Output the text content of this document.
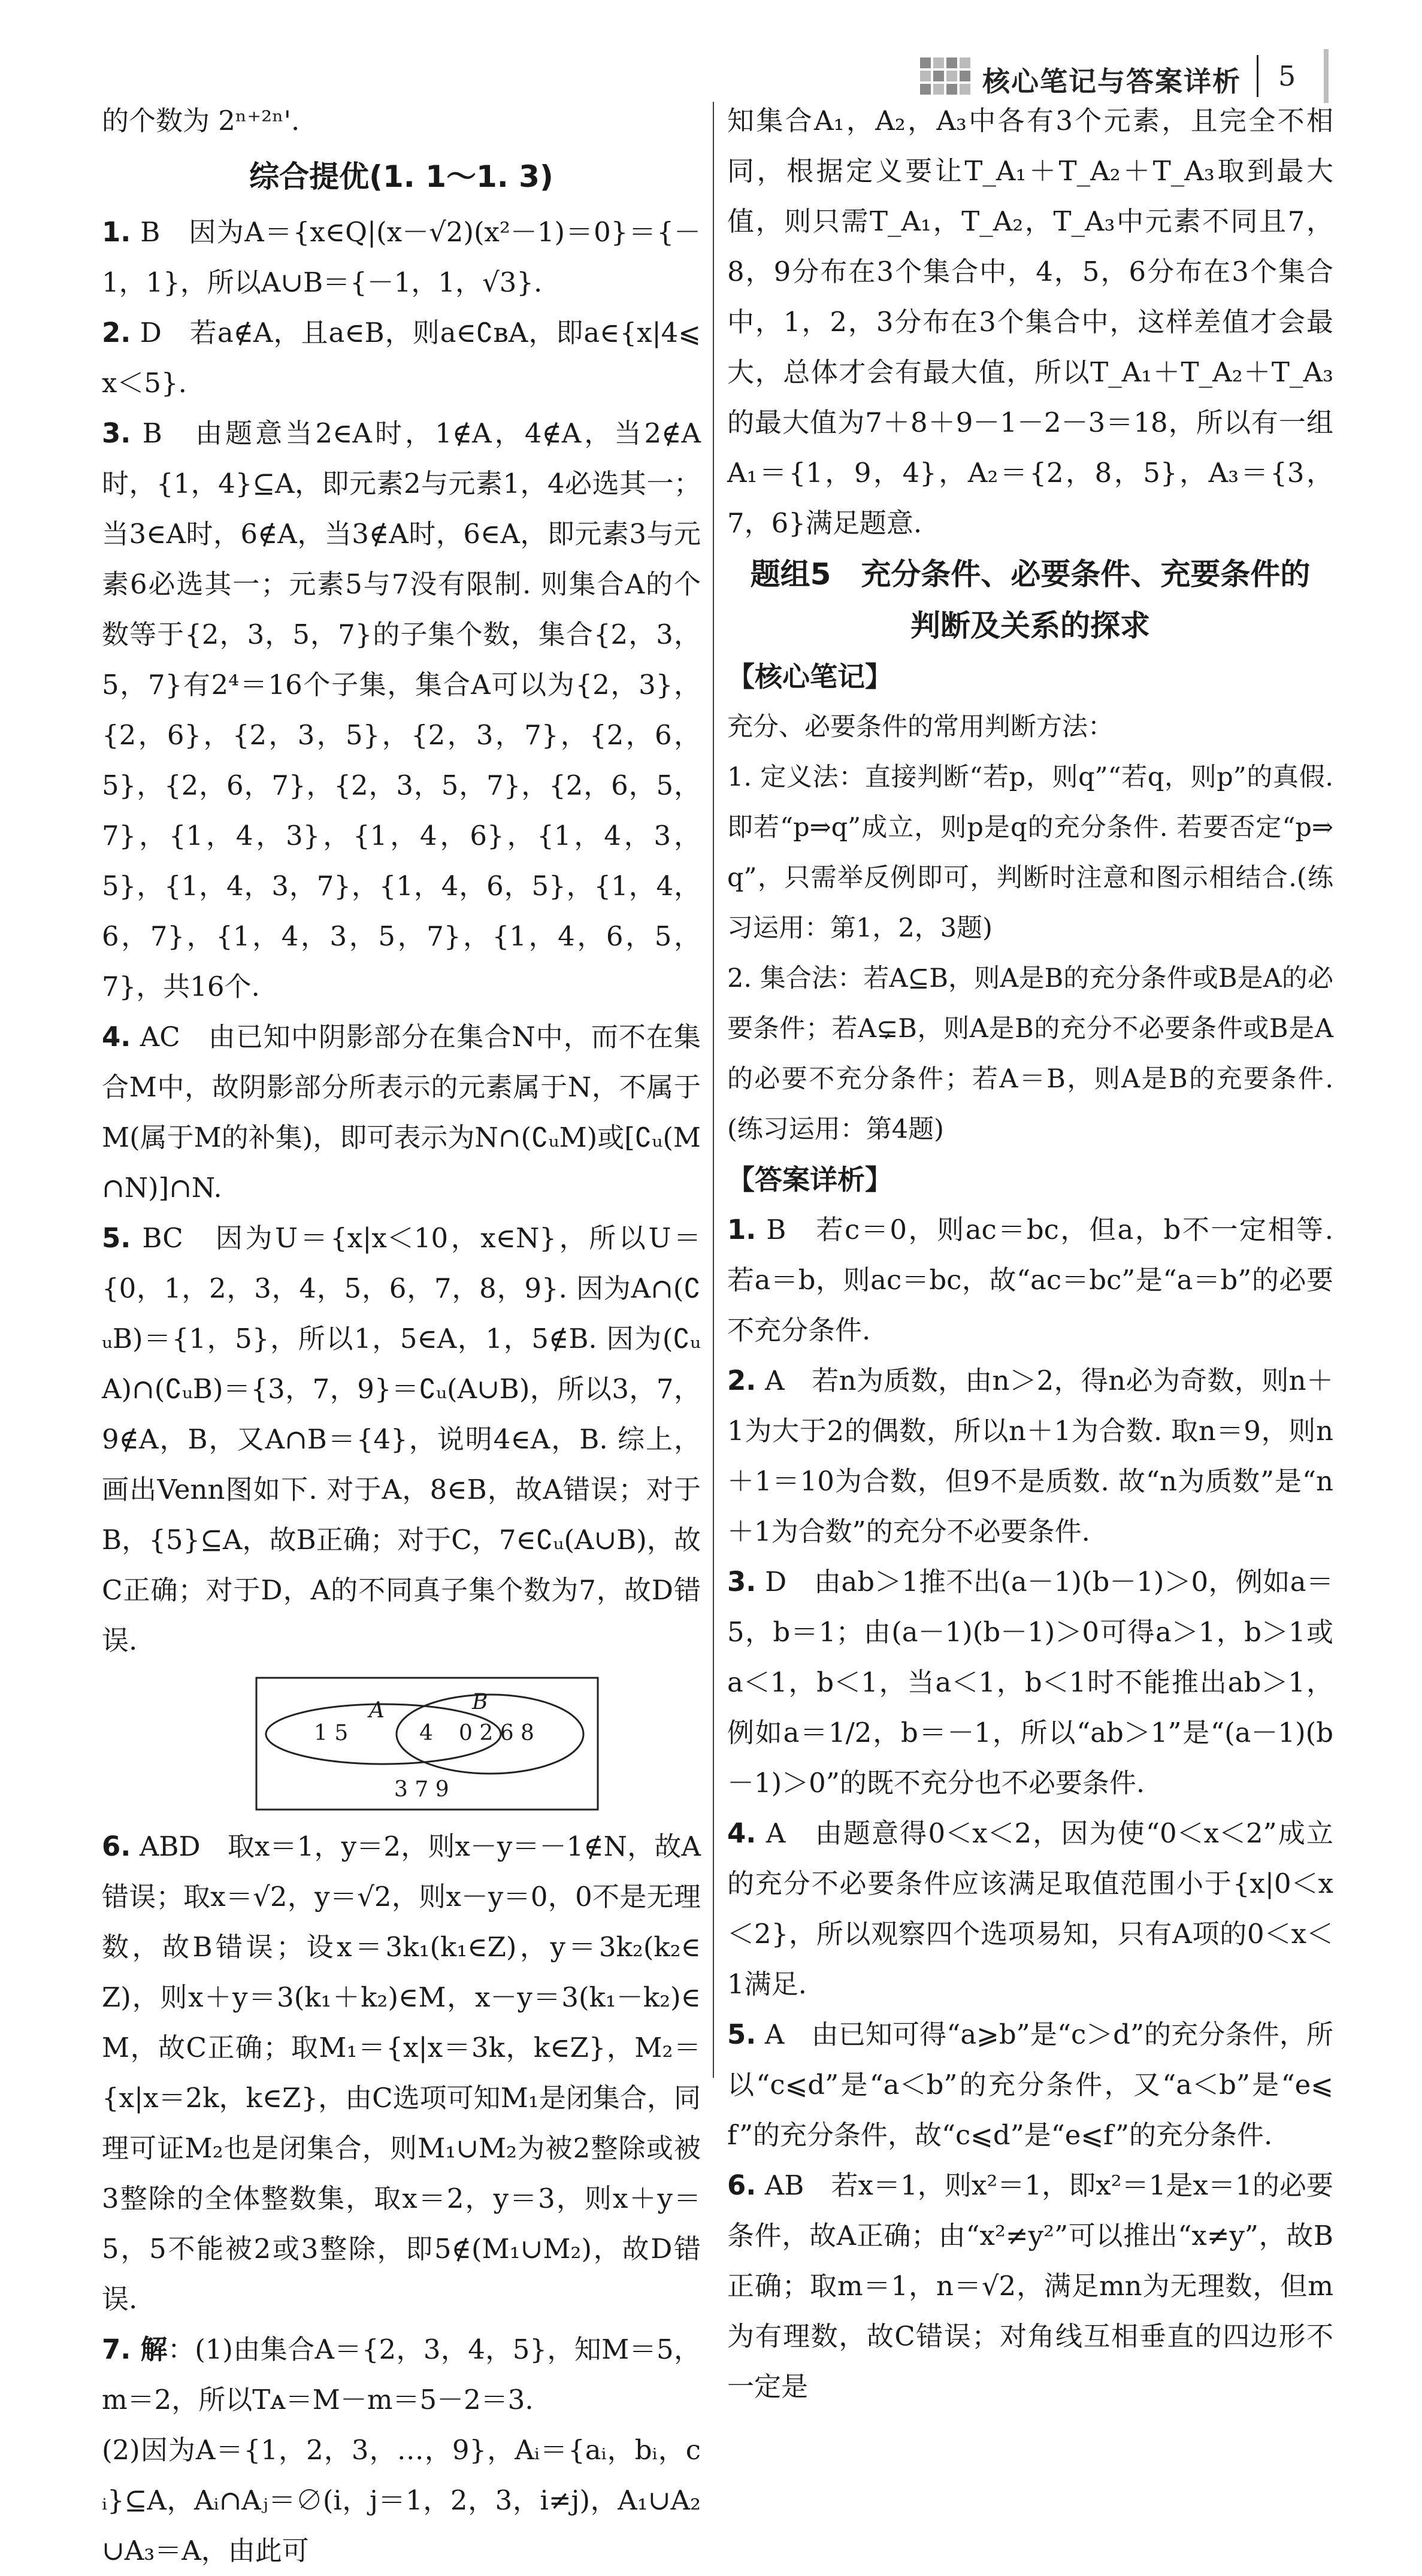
核心笔记与答案详析 5

的个数为 2ⁿ⁺²ⁿ'.

综合提优(1. 1～1. 3)

1. B　因为A＝{x∈Q|(x－√2)(x²－1)＝0}＝{－1，1}，所以A∪B＝{－1，1，√3}.

2. D　若a∉A，且a∈B，则a∈∁ʙA，即a∈{x|4⩽x＜5}.

3. B　由题意当2∈A时，1∉A，4∉A，当2∉A时，{1，4}⊆A，即元素2与元素1，4必选其一；当3∈A时，6∉A，当3∉A时，6∈A，即元素3与元素6必选其一；元素5与7没有限制. 则集合A的个数等于{2，3，5，7}的子集个数，集合{2，3，5，7}有2⁴＝16个子集，集合A可以为{2，3}，{2，6}，{2，3，5}，{2，3，7}，{2，6，5}，{2，6，7}，{2，3，5，7}，{2，6，5，7}，{1，4，3}，{1，4，6}，{1，4，3，5}，{1，4，3，7}，{1，4，6，5}，{1，4，6，7}，{1，4，3，5，7}，{1，4，6，5，7}，共16个.

4. AC　由已知中阴影部分在集合N中，而不在集合M中，故阴影部分所表示的元素属于N，不属于M(属于M的补集)，即可表示为N∩(∁ᵤM)或[∁ᵤ(M∩N)]∩N.

5. BC　因为U＝{x|x＜10，x∈N}，所以U＝{0，1，2，3，4，5，6，7，8，9}. 因为A∩(∁ᵤB)＝{1，5}，所以1，5∈A，1，5∉B. 因为(∁ᵤA)∩(∁ᵤB)＝{3，7，9}＝∁ᵤ(A∪B)，所以3，7，9∉A，B，又A∩B＝{4}，说明4∈A，B. 综上，画出Venn图如下. 对于A，8∈B，故A错误；对于B，{5}⊆A，故B正确；对于C，7∈∁ᵤ(A∪B)，故C正确；对于D，A的不同真子集个数为7，故D错误.

A	B
1 5	4 0 2 6 8
3 7 9

6. ABD　取x＝1，y＝2，则x－y＝－1∉N，故A错误；取x＝√2，y＝√2，则x－y＝0，0不是无理数，故B错误；设x＝3k₁(k₁∈Z)，y＝3k₂(k₂∈Z)，则x＋y＝3(k₁＋k₂)∈M，x－y＝3(k₁－k₂)∈M，故C正确；取M₁＝{x|x＝3k，k∈Z}，M₂＝{x|x＝2k，k∈Z}，由C选项可知M₁是闭集合，同理可证M₂也是闭集合，则M₁∪M₂为被2整除或被3整除的全体整数集，取x＝2，y＝3，则x＋y＝5，5不能被2或3整除，即5∉(M₁∪M₂)，故D错误.

7. 解：(1)由集合A＝{2，3，4，5}，知M＝5，m＝2，所以Tᴀ＝M－m＝5－2＝3.

(2)因为A＝{1，2，3，…，9}，Aᵢ＝{aᵢ，bᵢ，cᵢ}⊆A，Aᵢ∩Aⱼ＝∅(i，j＝1，2，3，i≠j)，A₁∪A₂∪A₃＝A，由此可

知集合A₁，A₂，A₃中各有3个元素，且完全不相同，根据定义要让T_A₁＋T_A₂＋T_A₃取到最大值，则只需T_A₁，T_A₂，T_A₃中元素不同且7，8，9分布在3个集合中，4，5，6分布在3个集合中，1，2，3分布在3个集合中，这样差值才会最大，总体才会有最大值，所以T_A₁＋T_A₂＋T_A₃的最大值为7＋8＋9－1－2－3＝18，所以有一组A₁＝{1，9，4}，A₂＝{2，8，5}，A₃＝{3，7，6}满足题意.

题组5　充分条件、必要条件、充要条件的
判断及关系的探求

【核心笔记】

充分、必要条件的常用判断方法：

1. 定义法：直接判断“若p，则q”“若q，则p”的真假. 即若“p⇒q”成立，则p是q的充分条件. 若要否定“p⇒q”，只需举反例即可，判断时注意和图示相结合.(练习运用：第1，2，3题)

2. 集合法：若A⊆B，则A是B的充分条件或B是A的必要条件；若A⊊B，则A是B的充分不必要条件或B是A的必要不充分条件；若A＝B，则A是B的充要条件.(练习运用：第4题)

【答案详析】

1. B　若c＝0，则ac＝bc，但a，b不一定相等. 若a＝b，则ac＝bc，故“ac＝bc”是“a＝b”的必要不充分条件.

2. A　若n为质数，由n＞2，得n必为奇数，则n＋1为大于2的偶数，所以n＋1为合数. 取n＝9，则n＋1＝10为合数，但9不是质数. 故“n为质数”是“n＋1为合数”的充分不必要条件.

3. D　由ab＞1推不出(a－1)(b－1)＞0，例如a＝5，b＝1；由(a－1)(b－1)＞0可得a＞1，b＞1或a＜1，b＜1，当a＜1，b＜1时不能推出ab＞1，例如a＝1/2，b＝－1，所以“ab＞1”是“(a－1)(b－1)＞0”的既不充分也不必要条件.

4. A　由题意得0＜x＜2，因为使“0＜x＜2”成立的充分不必要条件应该满足取值范围小于{x|0＜x＜2}，所以观察四个选项易知，只有A项的0＜x＜1满足.

5. A　由已知可得“a⩾b”是“c＞d”的充分条件，所以“c⩽d”是“a＜b”的充分条件，又“a＜b”是“e⩽f”的充分条件，故“c⩽d”是“e⩽f”的充分条件.

6. AB　若x＝1，则x²＝1，即x²＝1是x＝1的必要条件，故A正确；由“x²≠y²”可以推出“x≠y”，故B正确；取m＝1，n＝√2，满足mn为无理数，但m为有理数，故C错误；对角线互相垂直的四边形不一定是
